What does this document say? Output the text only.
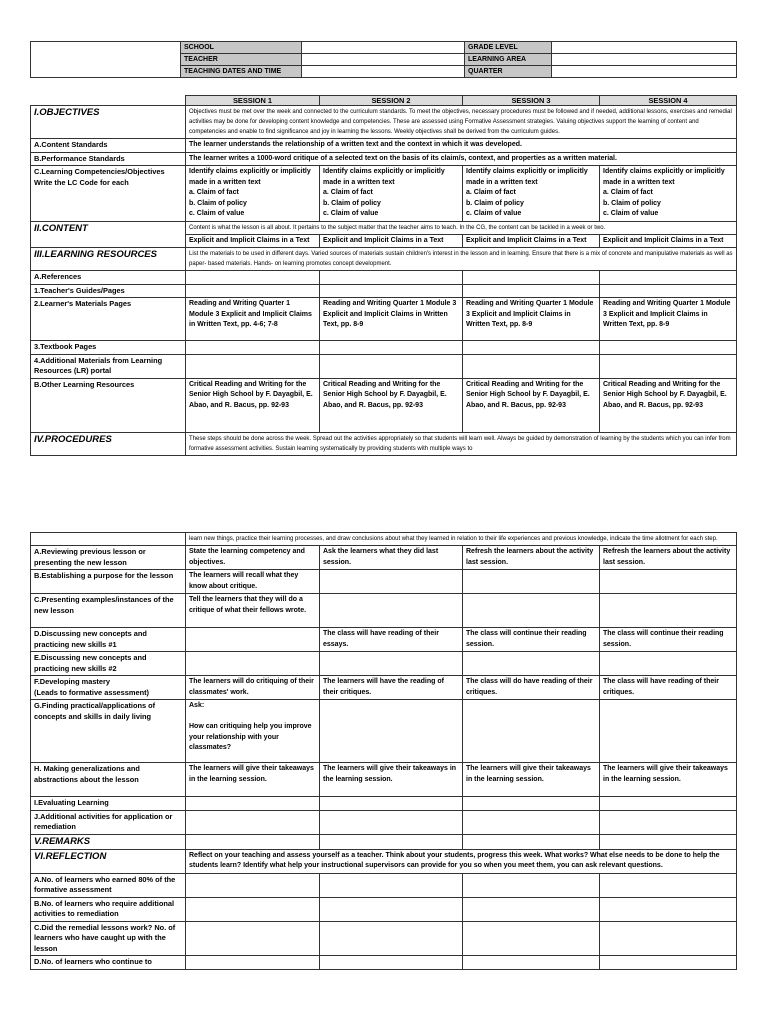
	SCHOOL		GRADE LEVEL	
	TEACHER		LEARNING AREA	
	TEACHING DATES AND TIME		QUARTER	
	SESSION 1	SESSION 2	SESSION 3	SESSION 4
I.OBJECTIVES	Objectives must be met over the week and connected to the curriculum standards. To meet the objectives, necessary procedures must be followed and if needed, additional lessons, exercises and remedial activities may be done for developing content knowledge and competencies. These are assessed using Formative Assessment strategies. Valuing objectives support the learning of content and competencies and enable to find significance and joy in learning the lessons. Weekly objectives shall be derived from the curriculum guides.			
A.Content Standards	The learner understands the relationship of a written text and the context in which it was developed.			
B.Performance Standards	The learner writes a 1000-word critique of a selected text on the basis of its claim/s, context, and properties as a written material.			

C.Learning Competencies/Objectives
Write the LC Code for each	Identify claims explicitly or implicitly made in a written text
a. Claim of fact
b. Claim of policy
c. Claim of value	Identify claims explicitly or implicitly made in a written text
a. Claim of fact
b. Claim of policy
c. Claim of value	Identify claims explicitly or implicitly made in a written text
a. Claim of fact
b. Claim of policy
c. Claim of value	Identify claims explicitly or implicitly made in a written text
a. Claim of fact
b. Claim of policy
c. Claim of value

II.CONTENT	Content is what the lesson is all about. It pertains to the subject matter that the teacher aims to teach. In the CG, the content can be tackled in a week or two.			
	Explicit and Implicit Claims in a Text	Explicit and Implicit Claims in a Text	Explicit and Implicit Claims in a Text	Explicit and Implicit Claims in a Text
III.LEARNING RESOURCES	List the materials to be used in different days. Varied sources of materials sustain children's interest in the lesson and in learning. Ensure that there is a mix of concrete and manipulative materials as well as paper- based materials. Hands- on learning promotes concept development.			
A.References				
1.Teacher's Guides/Pages				
2.Learner's Materials Pages	Reading and Writing Quarter 1 Module 3 Explicit and Implicit Claims in Written Text, pp. 4-6; 7-8	Reading and Writing Quarter 1 Module 3 Explicit and Implicit Claims in Written Text, pp. 8-9	Reading and Writing Quarter 1 Module 3 Explicit and Implicit Claims in Written Text, pp. 8-9	Reading and Writing Quarter 1 Module 3 Explicit and Implicit Claims in Written Text, pp. 8-9
3.Textbook Pages				
4.Additional Materials from Learning Resources (LR) portal				
B.Other Learning Resources	Critical Reading and Writing for the Senior High School by F. Dayagbil, E. Abao, and R. Bacus, pp. 92-93	Critical Reading and Writing for the Senior High School by F. Dayagbil, E. Abao, and R. Bacus, pp. 92-93	Critical Reading and Writing for the Senior High School by F. Dayagbil, E. Abao, and R. Bacus, pp. 92-93	Critical Reading and Writing for the Senior High School by F. Dayagbil, E. Abao, and R. Bacus, pp. 92-93
IV.PROCEDURES	These steps should be done across the week. Spread out the activities appropriately so that students will learn well. Always be guided by demonstration of learning by the students which you can infer from formative assessment activities. Sustain learning systematically by providing students with multiple ways to			
	learn new things, practice their learning processes, and draw conclusions about what they learned in relation to their life experiences and previous knowledge, indicate the time allotment for each step.			
A.Reviewing previous lesson or presenting the new lesson	State the learning competency and objectives.	Ask the learners what they did last session.	Refresh the learners about the activity last session.	Refresh the learners about the activity last session.
B.Establishing a purpose for the lesson	The learners will recall what they know about critique.			
C.Presenting examples/instances of the new lesson	Tell the learners that they will do a critique of what their fellows wrote.			
D.Discussing new concepts and practicing new skills #1		The class will have reading of their essays.	The class will continue their reading session.	The class will continue their reading session.
E.Discussing new concepts and practicing new skills #2				

F.Developing mastery
(Leads to formative assessment)	The learners will do critiquing of their classmates' work.	The learners will have the reading of their critiques.	The class will do have reading of their critiques.	The class will have reading of their critiques.
G.Finding practical/applications of concepts and skills in daily living	Ask:

How can critiquing help you improve your relationship with your classmates?			

H. Making generalizations and abstractions about the lesson	The learners will give their takeaways in the learning session.	The learners will give their takeaways in the learning session.	The learners will give their takeaways in the learning session.	The learners will give their takeaways in the learning session.
I.Evaluating Learning				
J.Additional activities for application or remediation				
V.REMARKS				
VI.REFLECTION	Reflect on your teaching and assess yourself as a teacher. Think about your students, progress this week. What works? What else needs to be done to help the students learn? Identify what help your instructional supervisors can provide for you so when you meet them, you can ask relevant questions.			
A.No. of learners who earned 80% of the formative assessment				
B.No. of learners who require additional activities to remediation				
C.Did the remedial lessons work? No. of learners who have caught up with the lesson				
D.No. of learners who continue to				
